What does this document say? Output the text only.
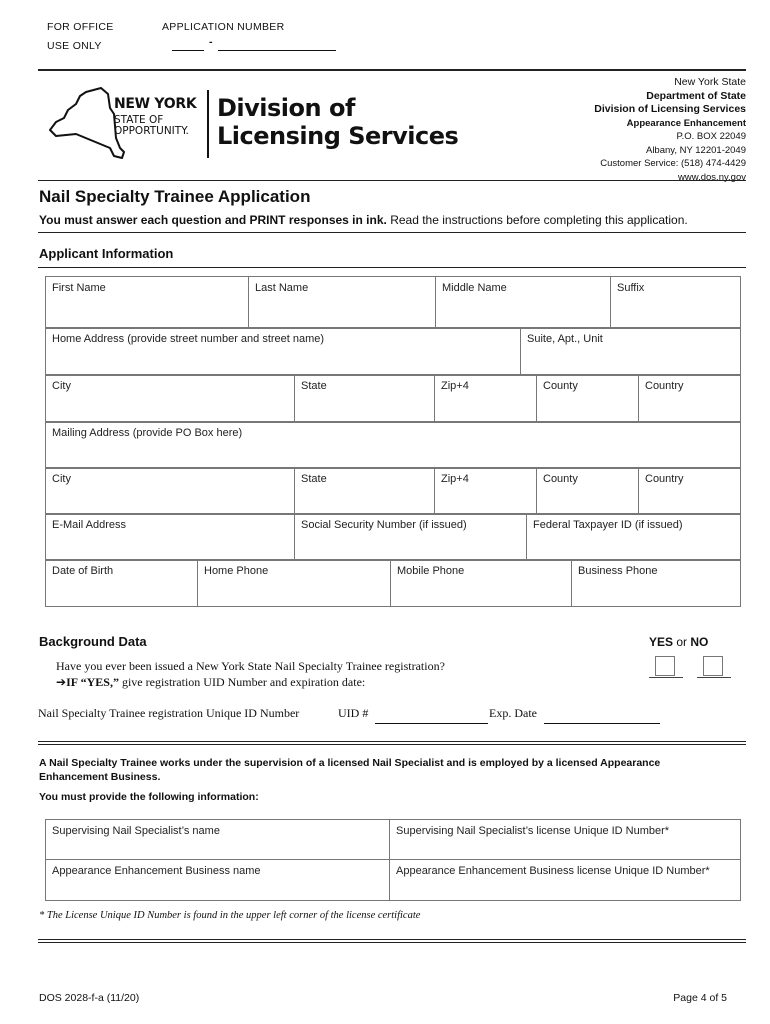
FOR OFFICE
USE ONLY
APPLICATION NUMBER
-
NEW YORK
STATE OF
OPPORTUNITY.
Division of
Licensing Services
New York State
Department of State
Division of Licensing Services
Appearance Enhancement
P.O. BOX 22049
Albany, NY 12201-2049
Customer Service: (518) 474-4429
www.dos.ny.gov
Nail Specialty Trainee Application
You must answer each question and PRINT responses in ink. Read the instructions before completing this application.
Applicant Information
First Name	Last Name	Middle Name	Suffix
Home Address (provide street number and street name)	Suite, Apt., Unit
City	State	Zip+4	County	Country
Mailing Address (provide PO Box here)
City	State	Zip+4	County	Country
E-Mail Address	Social Security Number (if issued)	Federal Taxpayer ID (if issued)
Date of Birth	Home Phone	Mobile Phone	Business Phone
Background Data	YES or NO
Have you ever been issued a New York State Nail Specialty Trainee registration?
➔IF “YES,” give registration UID Number and expiration date:
Nail Specialty Trainee registration Unique ID Number	UID #	Exp. Date
A Nail Specialty Trainee works under the supervision of a licensed Nail Specialist and is employed by a licensed Appearance Enhancement Business.
You must provide the following information:
Supervising Nail Specialist’s name	Supervising Nail Specialist’s license Unique ID Number*
Appearance Enhancement Business name	Appearance Enhancement Business license Unique ID Number*
* The License Unique ID Number is found in the upper left corner of the license certificate
DOS 2028-f-a (11/20)	Page 4 of 5
